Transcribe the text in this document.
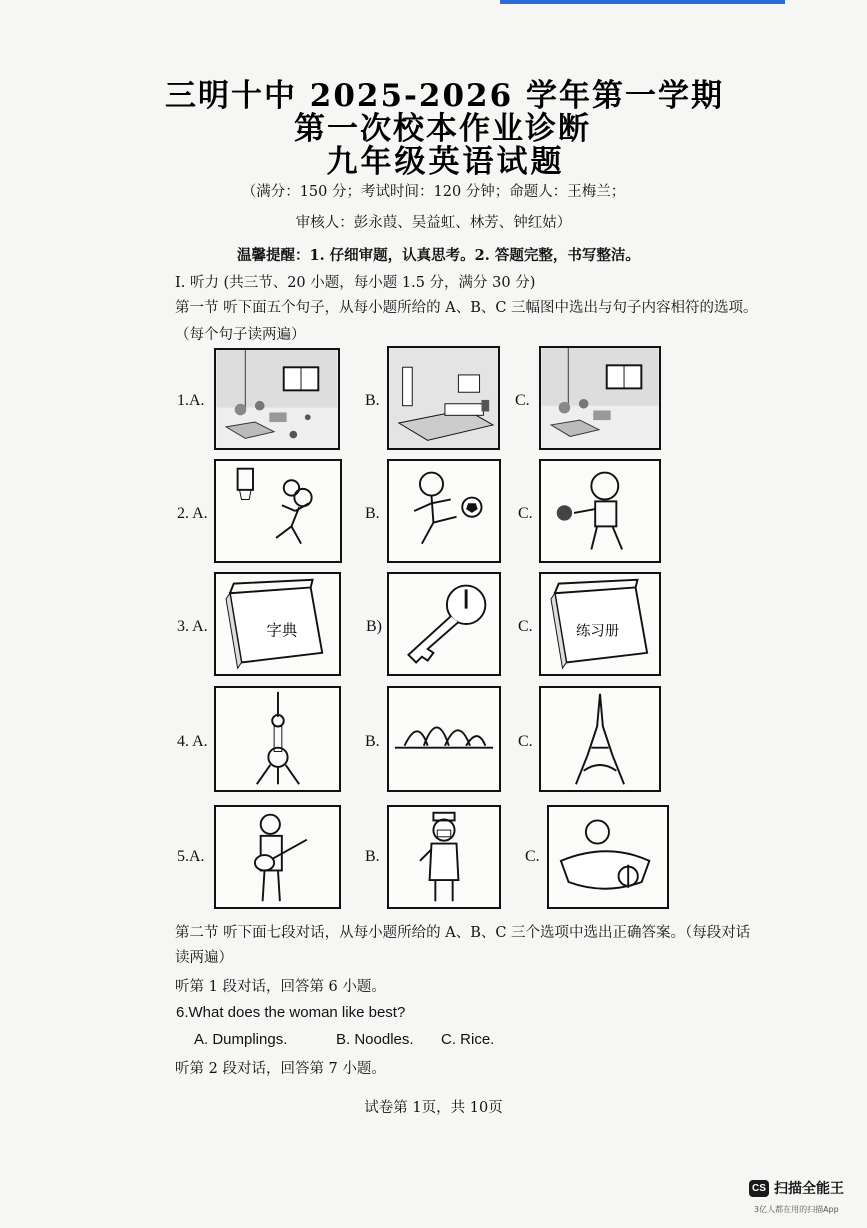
三明十中 2025-2026 学年第一学期
第一次校本作业诊断
九年级英语试题
（满分：150 分；考试时间：120 分钟；命题人：王梅兰；
审核人：彭永葭、吴益虹、林芳、钟红姑）
温馨提醒：1. 仔细审题，认真思考。2. 答题完整，书写整洁。
I. 听力 (共三节、20 小题，每小题 1.5 分，满分 30 分)
第一节 听下面五个句子，从每小题所给的 A、B、C 三幅图中选出与句子内容相符的选项。
（每个句子读两遍）
1.A.	B.	C.
2. A.	B.	C.
3. A.	字典	B)	C.	练习册
4. A.	B.	C.
5.A.	B.	C.
第二节 听下面七段对话，从每小题所给的 A、B、C 三个选项中选出正确答案。（每段对话
读两遍）
听第 1 段对话，回答第 6 小题。
6.What does the woman like best?
A. Dumplings.	B. Noodles. C. Rice.
听第 2 段对话，回答第 7 小题。
试卷第 1页，共 10页
CS 扫描全能王
3亿人都在用的扫描App
